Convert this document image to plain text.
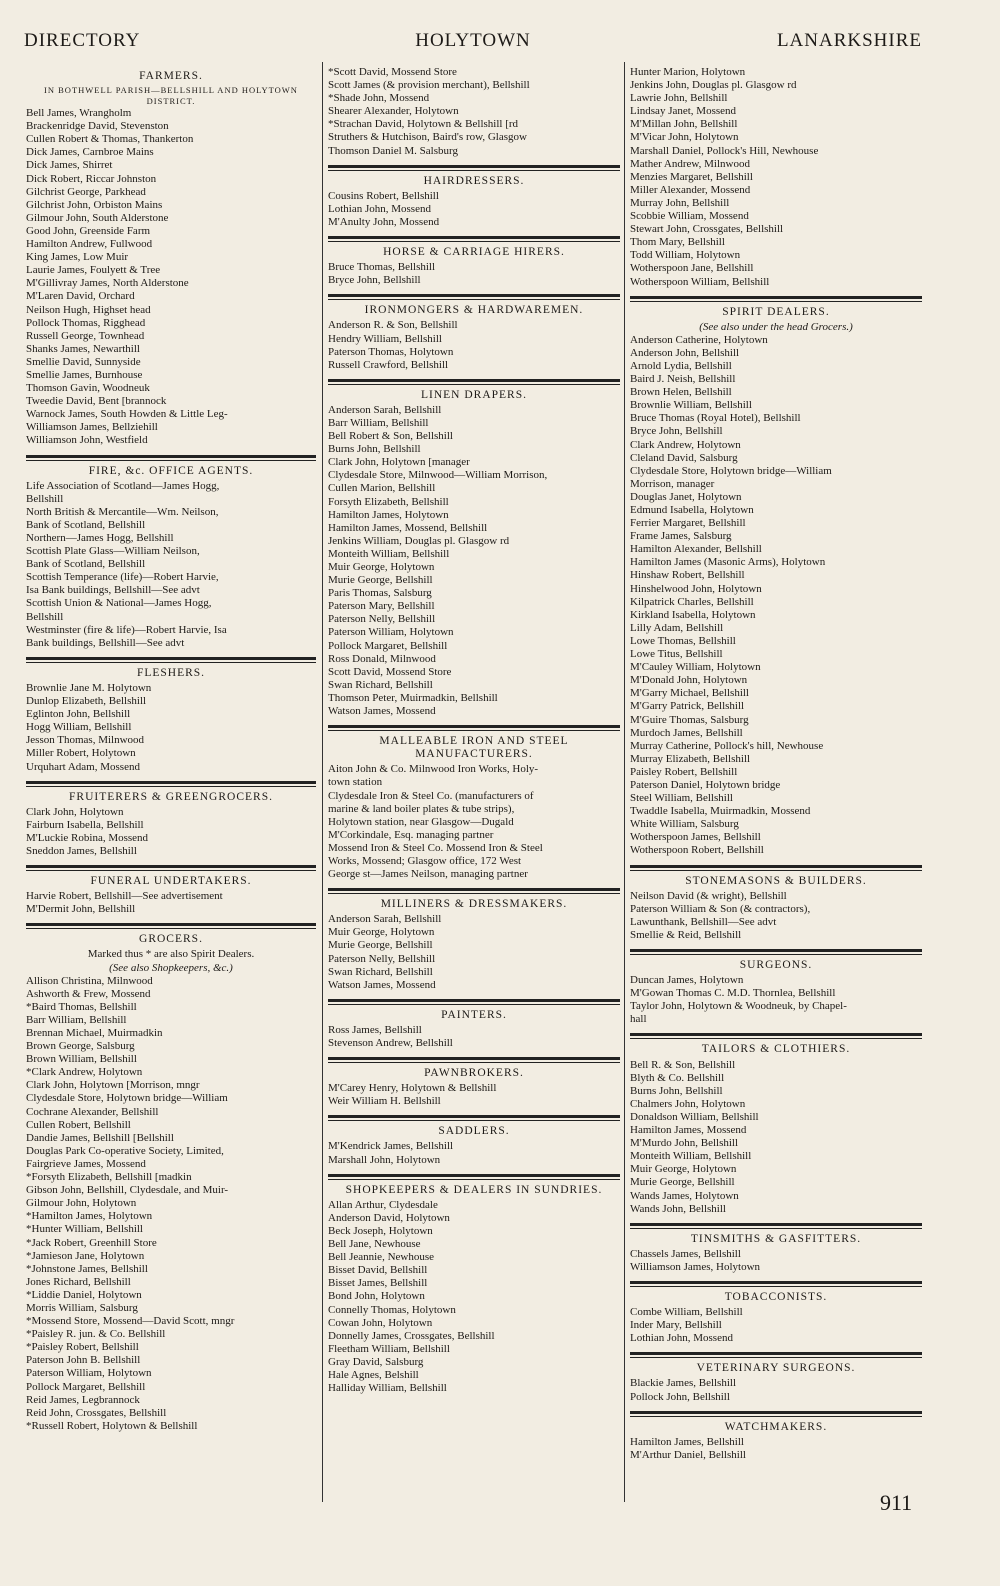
HOLYTOWN
DIRECTORY	LANARKSHIRE
FARMERS.
IN BOTHWELL PARISH—BELLSHILL AND HOLYTOWN DISTRICT.
Bell James, Wrangholm
Brackenridge David, Stevenston
Cullen Robert & Thomas, Thankerton
Dick James, Carnbroe Mains
Dick James, Shirret
Dick Robert, Riccar Johnston
Gilchrist George, Parkhead
Gilchrist John, Orbiston Mains
Gilmour John, South Alderstone
Good John, Greenside Farm
Hamilton Andrew, Fullwood
King James, Low Muir
Laurie James, Foulyett & Tree
M'Gillivray James, North Alderstone
M'Laren David, Orchard
Neilson Hugh, Highset head
Pollock Thomas, Rigghead
Russell George, Townhead
Shanks James, Newarthill
Smellie David, Sunnyside
Smellie James, Burnhouse
Thomson Gavin, Woodneuk
Tweedie David, Bent [brannock
Warnock James, South Howden & Little Leg-
Williamson James, Bellziehill
Williamson John, Westfield
FIRE, &c. OFFICE AGENTS.
Life Association of Scotland—James Hogg,
Bellshill
North British & Mercantile—Wm. Neilson,
Bank of Scotland, Bellshill
Northern—James Hogg, Bellshill
Scottish Plate Glass—William Neilson,
Bank of Scotland, Bellshill
Scottish Temperance (life)—Robert Harvie,
Isa Bank buildings, Bellshill—See advt
Scottish Union & National—James Hogg,
Bellshill
Westminster (fire & life)—Robert Harvie, Isa
Bank buildings, Bellshill—See advt
FLESHERS.
Brownlie Jane M. Holytown
Dunlop Elizabeth, Bellshill
Eglinton John, Bellshill
Hogg William, Bellshill
Jesson Thomas, Milnwood
Miller Robert, Holytown
Urquhart Adam, Mossend
FRUITERERS & GREENGROCERS.
Clark John, Holytown
Fairburn Isabella, Bellshill
M'Luckie Robina, Mossend
Sneddon James, Bellshill
FUNERAL UNDERTAKERS.
Harvie Robert, Bellshill—See advertisement
M'Dermit John, Bellshill
GROCERS.
Marked thus * are also Spirit Dealers.
(See also Shopkeepers, &c.)
Allison Christina, Milnwood
Ashworth & Frew, Mossend
*Baird Thomas, Bellshill
Barr William, Bellshill
Brennan Michael, Muirmadkin
Brown George, Salsburg
Brown William, Bellshill
*Clark Andrew, Holytown
Clark John, Holytown [Morrison, mngr
Clydesdale Store, Holytown bridge—William
Cochrane Alexander, Bellshill
Cullen Robert, Bellshill
Dandie James, Bellshill [Bellshill
Douglas Park Co-operative Society, Limited,
Fairgrieve James, Mossend
*Forsyth Elizabeth, Bellshill [madkin
Gibson John, Bellshill, Clydesdale, and Muir-
Gilmour John, Holytown
*Hamilton James, Holytown
*Hunter William, Bellshill
*Jack Robert, Greenhill Store
*Jamieson Jane, Holytown
*Johnstone James, Bellshill
Jones Richard, Bellshill
*Liddie Daniel, Holytown
Morris William, Salsburg
*Mossend Store, Mossend—David Scott, mngr
*Paisley R. jun. & Co. Bellshill
*Paisley Robert, Bellshill
Paterson John B. Bellshill
Paterson William, Holytown
Pollock Margaret, Bellshill
Reid James, Legbrannock
Reid John, Crossgates, Bellshill
*Russell Robert, Holytown & Bellshill
*Scott David, Mossend Store
Scott James (& provision merchant), Bellshill
*Shade John, Mossend
Shearer Alexander, Holytown
*Strachan David, Holytown & Bellshill [rd
Struthers & Hutchison, Baird's row, Glasgow
Thomson Daniel M. Salsburg
HAIRDRESSERS.
Cousins Robert, Bellshill
Lothian John, Mossend
M'Anulty John, Mossend
HORSE & CARRIAGE HIRERS.
Bruce Thomas, Bellshill
Bryce John, Bellshill
IRONMONGERS & HARDWAREMEN.
Anderson R. & Son, Bellshill
Hendry William, Bellshill
Paterson Thomas, Holytown
Russell Crawford, Bellshill
LINEN DRAPERS.
Anderson Sarah, Bellshill
Barr William, Bellshill
Bell Robert & Son, Bellshill
Burns John, Bellshill
Clark John, Holytown [manager
Clydesdale Store, Milnwood—William Morrison,
Cullen Marion, Bellshill
Forsyth Elizabeth, Bellshill
Hamilton James, Holytown
Hamilton James, Mossend, Bellshill
Jenkins William, Douglas pl. Glasgow rd
Monteith William, Bellshill
Muir George, Holytown
Murie George, Bellshill
Paris Thomas, Salsburg
Paterson Mary, Bellshill
Paterson Nelly, Bellshill
Paterson William, Holytown
Pollock Margaret, Bellshill
Ross Donald, Milnwood
Scott David, Mossend Store
Swan Richard, Bellshill
Thomson Peter, Muirmadkin, Bellshill
Watson James, Mossend
MALLEABLE IRON AND STEEL MANUFACTURERS.
Aiton John & Co. Milnwood Iron Works, Holy-
town station
Clydesdale Iron & Steel Co. (manufacturers of
marine & land boiler plates & tube strips),
Holytown station, near Glasgow—Dugald
M'Corkindale, Esq. managing partner
Mossend Iron & Steel Co. Mossend Iron & Steel
Works, Mossend; Glasgow office, 172 West
George st—James Neilson, managing partner
MILLINERS & DRESSMAKERS.
Anderson Sarah, Bellshill
Muir George, Holytown
Murie George, Bellshill
Paterson Nelly, Bellshill
Swan Richard, Bellshill
Watson James, Mossend
PAINTERS.
Ross James, Bellshill
Stevenson Andrew, Bellshill
PAWNBROKERS.
M'Carey Henry, Holytown & Bellshill
Weir William H. Bellshill
SADDLERS.
M'Kendrick James, Bellshill
Marshall John, Holytown
SHOPKEEPERS & DEALERS IN SUNDRIES.
Allan Arthur, Clydesdale
Anderson David, Holytown
Beck Joseph, Holytown
Bell Jane, Newhouse
Bell Jeannie, Newhouse
Bisset David, Bellshill
Bisset James, Bellshill
Bond John, Holytown
Connelly Thomas, Holytown
Cowan John, Holytown
Donnelly James, Crossgates, Bellshill
Fleetham William, Bellshill
Gray David, Salsburg
Hale Agnes, Belshill
Halliday William, Bellshill
Hunter Marion, Holytown
Jenkins John, Douglas pl. Glasgow rd
Lawrie John, Bellshill
Lindsay Janet, Mossend
M'Millan John, Bellshill
M'Vicar John, Holytown
Marshall Daniel, Pollock's Hill, Newhouse
Mather Andrew, Milnwood
Menzies Margaret, Bellshill
Miller Alexander, Mossend
Murray John, Bellshill
Scobbie William, Mossend
Stewart John, Crossgates, Bellshill
Thom Mary, Bellshill
Todd William, Holytown
Wotherspoon Jane, Bellshill
Wotherspoon William, Bellshill
SPIRIT DEALERS.
(See also under the head Grocers.)
Anderson Catherine, Holytown
Anderson John, Bellshill
Arnold Lydia, Bellshill
Baird J. Neish, Bellshill
Brown Helen, Bellshill
Brownlie William, Bellshill
Bruce Thomas (Royal Hotel), Bellshill
Bryce John, Bellshill
Clark Andrew, Holytown
Cleland David, Salsburg
Clydesdale Store, Holytown bridge—William
Morrison, manager
Douglas Janet, Holytown
Edmund Isabella, Holytown
Ferrier Margaret, Bellshill
Frame James, Salsburg
Hamilton Alexander, Bellshill
Hamilton James (Masonic Arms), Holytown
Hinshaw Robert, Bellshill
Hinshelwood John, Holytown
Kilpatrick Charles, Bellshill
Kirkland Isabella, Holytown
Lilly Adam, Bellshill
Lowe Thomas, Bellshill
Lowe Titus, Bellshill
M'Cauley William, Holytown
M'Donald John, Holytown
M'Garry Michael, Bellshill
M'Garry Patrick, Bellshill
M'Guire Thomas, Salsburg
Murdoch James, Bellshill
Murray Catherine, Pollock's hill, Newhouse
Murray Elizabeth, Bellshill
Paisley Robert, Bellshill
Paterson Daniel, Holytown bridge
Steel William, Bellshill
Twaddle Isabella, Muirmadkin, Mossend
White William, Salsburg
Wotherspoon James, Bellshill
Wotherspoon Robert, Bellshill
STONEMASONS & BUILDERS.
Neilson David (& wright), Bellshill
Paterson William & Son (& contractors),
Lawunthank, Bellshill—See advt
Smellie & Reid, Bellshill
SURGEONS.
Duncan James, Holytown
M'Gowan Thomas C. M.D. Thornlea, Bellshill
Taylor John, Holytown & Woodneuk, by Chapel-
hall
TAILORS & CLOTHIERS.
Bell R. & Son, Bellshill
Blyth & Co. Bellshill
Burns John, Bellshill
Chalmers John, Holytown
Donaldson William, Bellshill
Hamilton James, Mossend
M'Murdo John, Bellshill
Monteith William, Bellshill
Muir George, Holytown
Murie George, Bellshill
Wands James, Holytown
Wands John, Bellshill
TINSMITHS & GASFITTERS.
Chassels James, Bellshill
Williamson James, Holytown
TOBACCONISTS.
Combe William, Bellshill
Inder Mary, Bellshill
Lothian John, Mossend
VETERINARY SURGEONS.
Blackie James, Bellshill
Pollock John, Bellshill
WATCHMAKERS.
Hamilton James, Bellshill
M'Arthur Daniel, Bellshill
911
